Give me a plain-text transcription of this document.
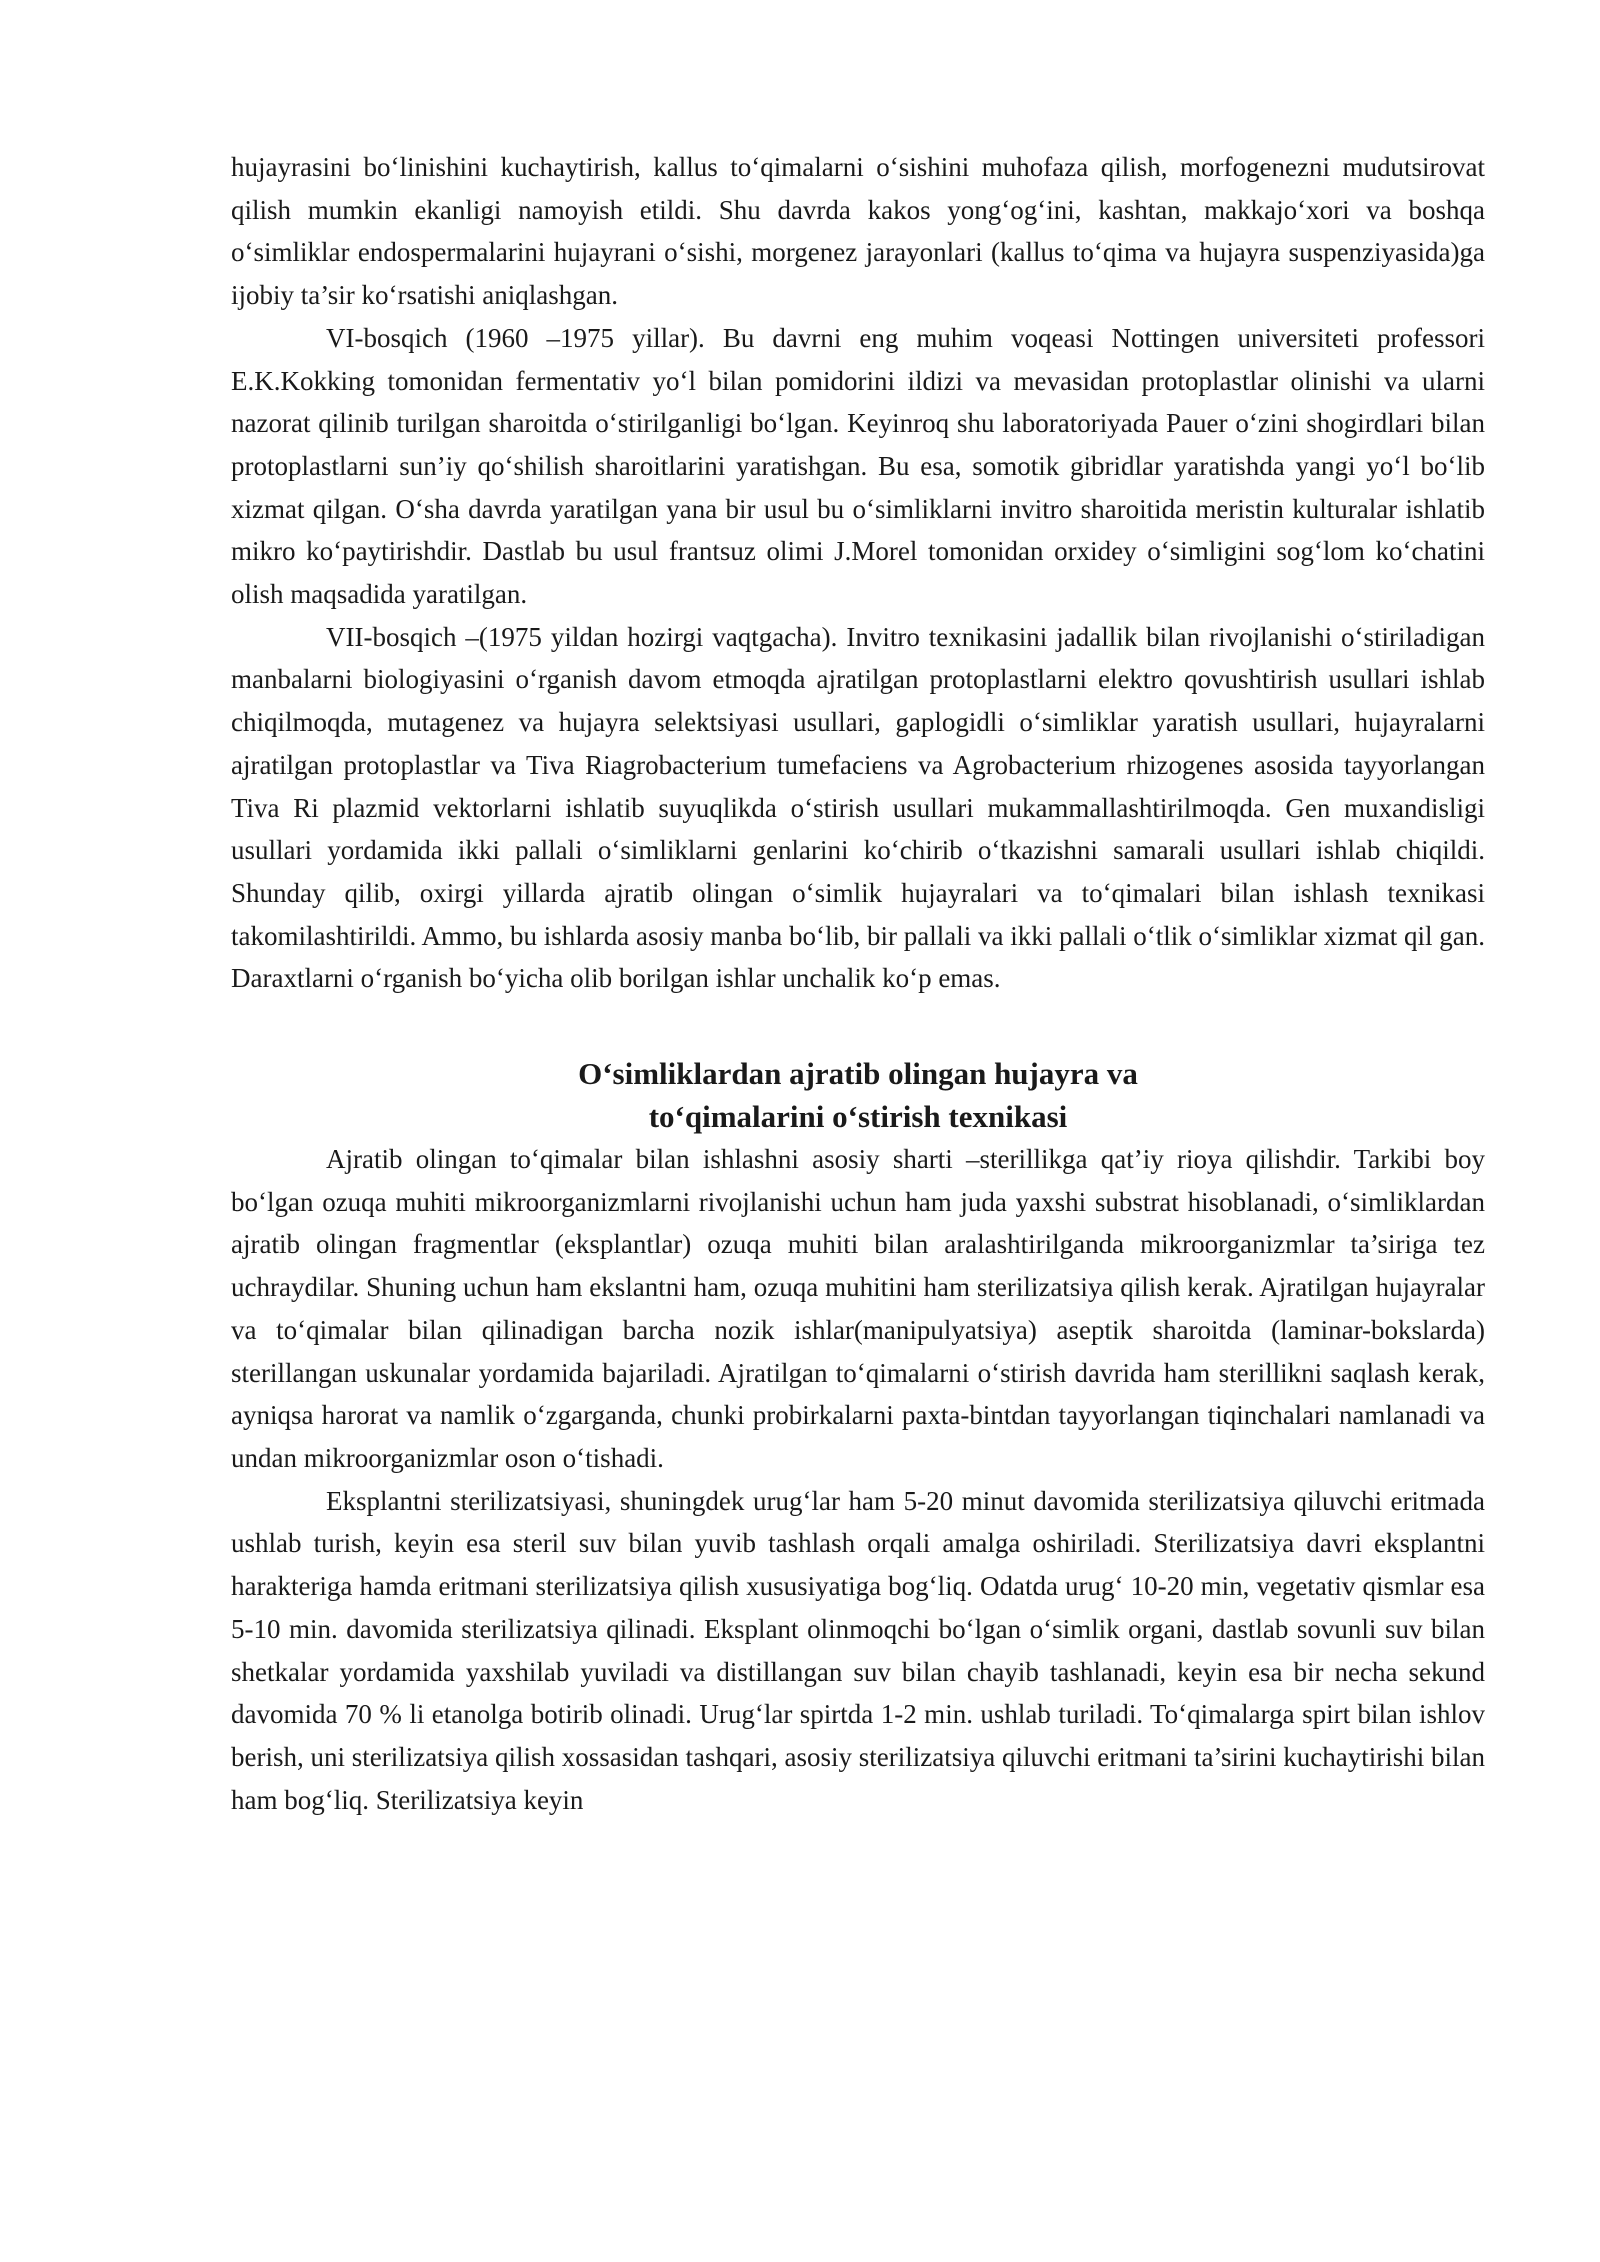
hujayrasini bo‘linishini kuchaytirish, kallus to‘qimalarni o‘sishini muhofaza qilish, morfogenezni mudutsirovat qilish mumkin ekanligi namoyish etildi. Shu davrda kakos yong‘og‘ini, kashtan, makkajo‘xori va boshqa o‘simliklar endospermalarini hujayrani o‘sishi, morgenez jarayonlari (kallus to‘qima va hujayra suspenziyasida)ga ijobiy ta’sir ko‘rsatishi aniqlashgan.

VI-bosqich (1960 –1975 yillar). Bu davrni eng muhim voqeasi Nottingen universiteti professori E.K.Kokking tomonidan fermentativ yo‘l bilan pomidorini ildizi va mevasidan protoplastlar olinishi va ularni nazorat qilinib turilgan sharoitda o‘stirilganligi bo‘lgan. Keyinroq shu laboratoriyada Pauer o‘zini shogirdlari bilan protoplastlarni sun’iy qo‘shilish sharoitlarini yaratishgan. Bu esa, somotik gibridlar yaratishda yangi yo‘l bo‘lib xizmat qilgan. O‘sha davrda yaratilgan yana bir usul bu o‘simliklarni invitro sharoitida meristin kulturalar ishlatib mikro ko‘paytirishdir. Dastlab bu usul frantsuz olimi J.Morel tomonidan orxidey o‘simligini sog‘lom ko‘chatini olish maqsadida yaratilgan.

VII-bosqich –(1975 yildan hozirgi vaqtgacha). Invitro texnikasini jadallik bilan rivojlanishi o‘stiriladigan manbalarni biologiyasini o‘rganish davom etmoqda ajratilgan protoplastlarni elektro qovushtirish usullari ishlab chiqilmoqda, mutagenez va hujayra selektsiyasi usullari, gaplogidli o‘simliklar yaratish usullari, hujayralarni ajratilgan protoplastlar va Tiva Riagrobacterium tumefaciens va Agrobacterium rhizogenes asosida tayyorlangan Tiva Ri plazmid vektorlarni ishlatib suyuqlikda o‘stirish usullari mukammallashtirilmoqda. Gen muxandisligi usullari yordamida ikki pallali o‘simliklarni genlarini ko‘chirib o‘tkazishni samarali usullari ishlab chiqildi. Shunday qilib, oxirgi yillarda ajratib olingan o‘simlik hujayralari va to‘qimalari bilan ishlash texnikasi takomilashtirildi. Ammo, bu ishlarda asosiy manba bo‘lib, bir pallali va ikki pallali o‘tlik o‘simliklar xizmat qil gan. Daraxtlarni o‘rganish bo‘yicha olib borilgan ishlar unchalik ko‘p emas.

O‘simliklardan ajratib olingan hujayra va
to‘qimalarini o‘stirish texnikasi

Ajratib olingan to‘qimalar bilan ishlashni asosiy sharti –sterillikga qat’iy rioya qilishdir. Tarkibi boy bo‘lgan ozuqa muhiti mikroorganizmlarni rivojlanishi uchun ham juda yaxshi substrat hisoblanadi, o‘simliklardan ajratib olingan fragmentlar (eksplantlar) ozuqa muhiti bilan aralashtirilganda mikroorganizmlar ta’siriga tez uchraydilar. Shuning uchun ham ekslantni ham, ozuqa muhitini ham sterilizatsiya qilish kerak. Ajratilgan hujayralar va to‘qimalar bilan qilinadigan barcha nozik ishlar(manipulyatsiya) aseptik sharoitda (laminar-bokslarda) sterillangan uskunalar yordamida bajariladi. Ajratilgan to‘qimalarni o‘stirish davrida ham sterillikni saqlash kerak, ayniqsa harorat va namlik o‘zgarganda, chunki probirkalarni paxta-bintdan tayyorlangan tiqinchalari namlanadi va undan mikroorganizmlar oson o‘tishadi.

Eksplantni sterilizatsiyasi, shuningdek urug‘lar ham 5-20 minut davomida sterilizatsiya qiluvchi eritmada ushlab turish, keyin esa steril suv bilan yuvib tashlash orqali amalga oshiriladi. Sterilizatsiya davri eksplantni harakteriga hamda eritmani sterilizatsiya qilish xususiyatiga bog‘liq. Odatda urug‘ 10-20 min, vegetativ qismlar esa 5-10 min. davomida sterilizatsiya qilinadi. Eksplant olinmoqchi bo‘lgan o‘simlik organi, dastlab sovunli suv bilan shetkalar yordamida yaxshilab yuviladi va distillangan suv bilan chayib tashlanadi, keyin esa bir necha sekund davomida 70 % li etanolga botirib olinadi. Urug‘lar spirtda 1-2 min. ushlab turiladi. To‘qimalarga spirt bilan ishlov berish, uni sterilizatsiya qilish xossasidan tashqari, asosiy sterilizatsiya qiluvchi eritmani ta’sirini kuchaytirishi bilan ham bog‘liq. Sterilizatsiya keyin
